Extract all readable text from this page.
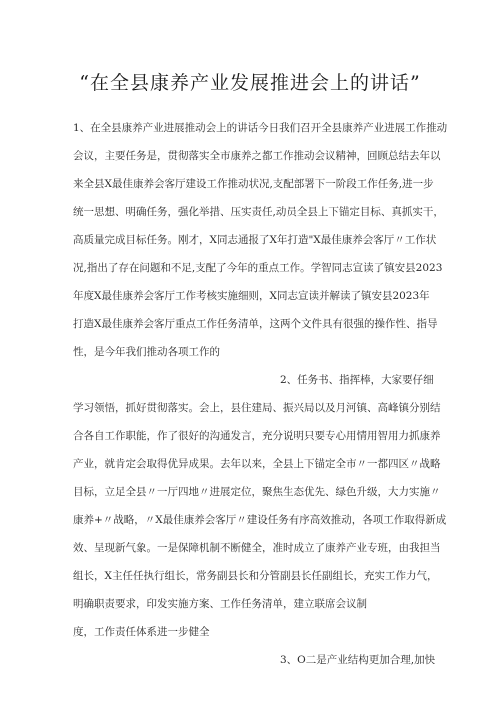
“在全县康养产业发展推进会上的讲话”
1、在全县康养产业进展推动会上的讲话今日我们召开全县康养产业进展工作推动
会议，主要任务是，贯彻落实全市康养之都工作推动会议精神，回顾总结去年以
来全县X最佳康养会客厅建设工作推动状况,支配部署下一阶段工作任务,进一步
统一思想、明确任务，强化举措、压实责任,动员全县上下锚定目标、真抓实干，
高质量完成目标任务。刚才，X同志通报了X年打造"X最佳康养会客厅〃工作状
况,指出了存在问题和不足,支配了今年的重点工作。学智同志宣读了镇安县2023
年度X最佳康养会客厅工作考核实施细则，X同志宣读并解读了镇安县2023年
打造X最佳康养会客厅重点工作任务清单，这两个文件具有很强的操作性、指导
性，是今年我们推动各项工作的
2、任务书、指挥棒，大家要仔细
学习领悟，抓好贯彻落实。会上，县住建局、振兴局以及月河镇、高峰镇分别结
合各自工作职能，作了很好的沟通发言，充分说明只要专心用情用智用力抓康养
产业，就肯定会取得优异成果。去年以来，全县上下锚定全市〃一都四区〃战略
目标，立足全县〃一厅四地〃进展定位，聚焦生态优先、绿色升级，大力实施〃
康养+〃战略，〃X最佳康养会客厅〃建设任务有序高效推动，各项工作取得新成
效、呈现新气象。一是保障机制不断健全，准时成立了康养产业专班，由我担当
组长，X主任任执行组长，常务副县长和分管副县长任副组长，充实工作力气，
明确职责要求，印发实施方案、工作任务清单，建立联席会议制
度，工作责任体系进一步健全
3、O二是产业结构更加合理,加快
